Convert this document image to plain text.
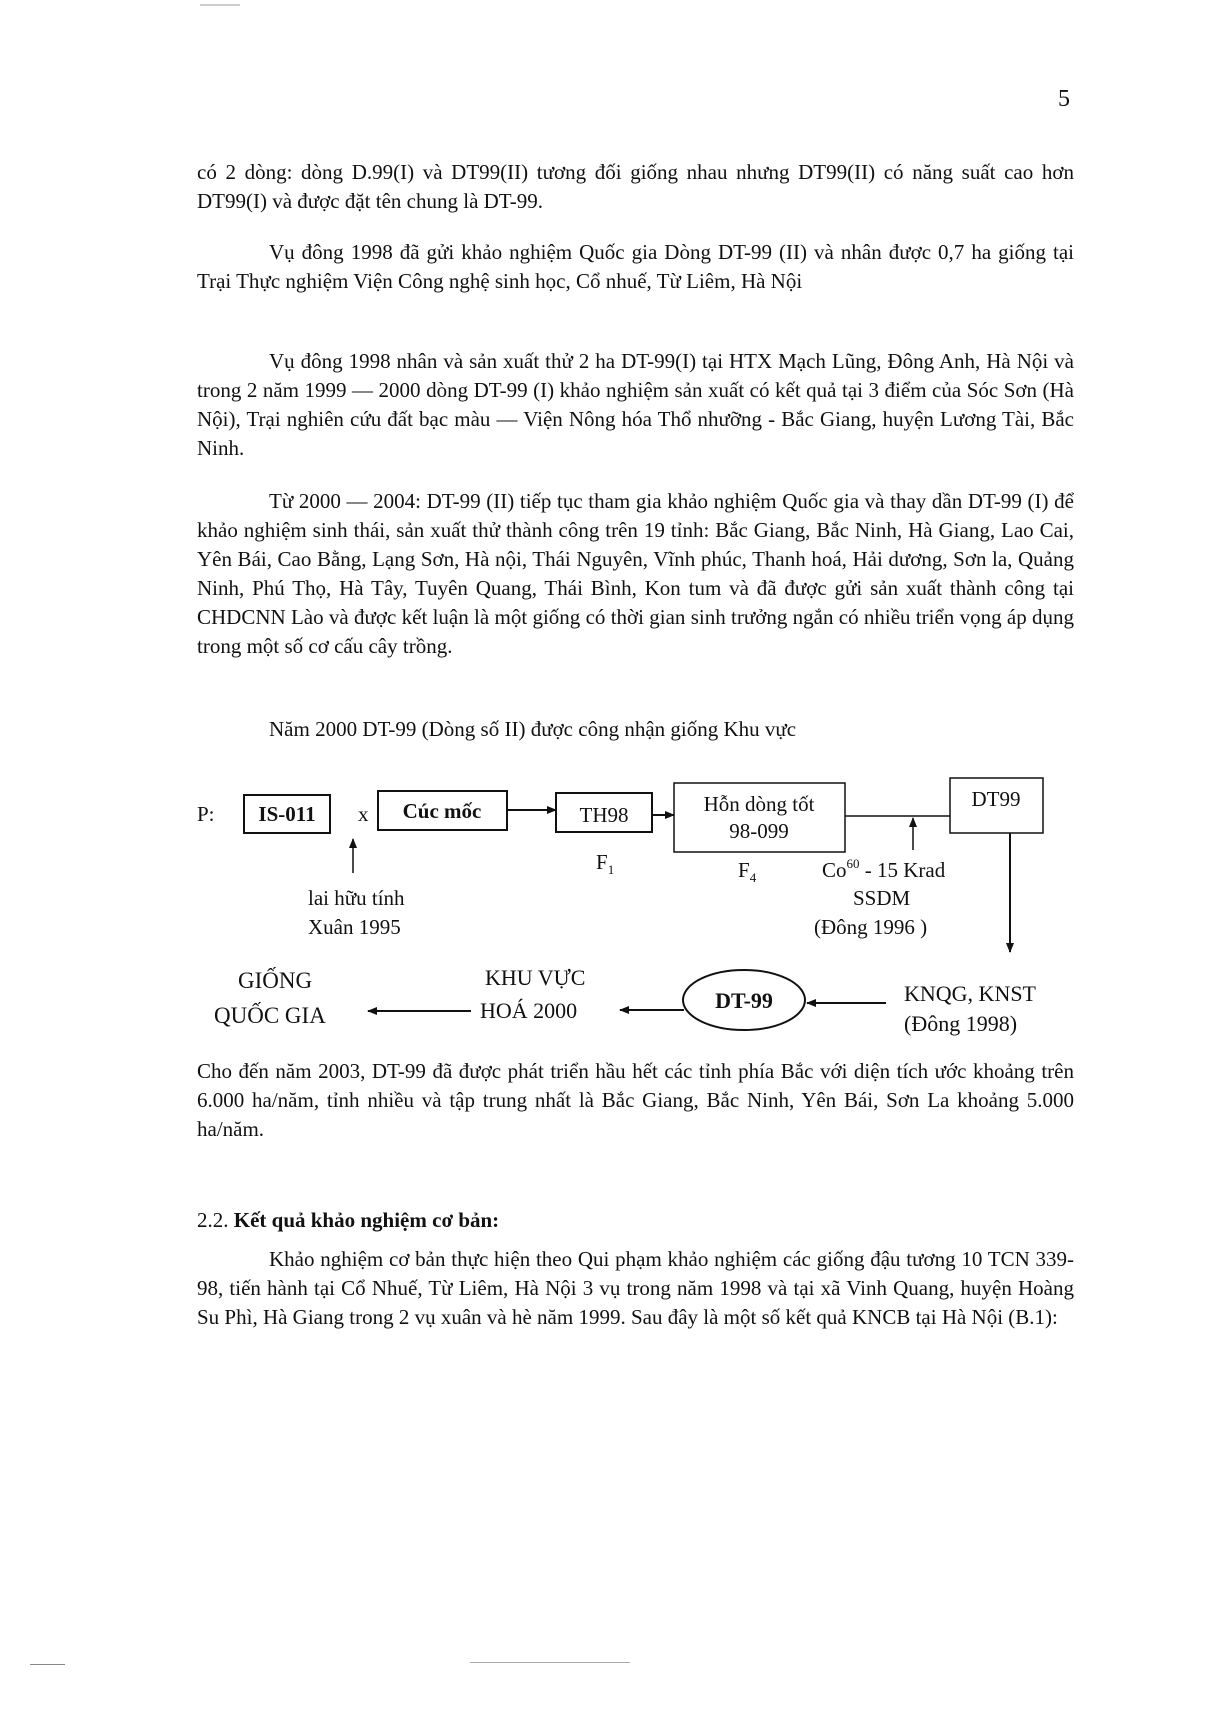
5

có 2 dòng: dòng D.99(I) và DT99(II) tương đối giống nhau nhưng DT99(II) có năng suất cao hơn DT99(I) và được đặt tên chung là DT-99.

Vụ đông 1998 đã gửi khảo nghiệm Quốc gia Dòng DT-99 (II) và nhân được 0,7 ha giống tại Trại Thực nghiệm Viện Công nghệ sinh học, Cổ nhuế, Từ Liêm, Hà Nội

Vụ đông 1998 nhân và sản xuất thử 2 ha DT-99(I) tại HTX Mạch Lũng, Đông Anh, Hà Nội và trong 2 năm 1999 — 2000 dòng DT-99 (I) khảo nghiệm sản xuất có kết quả tại 3 điểm của Sóc Sơn (Hà Nội), Trại nghiên cứu đất bạc màu — Viện Nông hóa Thổ nhưỡng - Bắc Giang, huyện Lương Tài, Bắc Ninh.

Từ 2000 — 2004: DT-99 (II) tiếp tục tham gia khảo nghiệm Quốc gia và thay dần DT-99 (I) để khảo nghiệm sinh thái, sản xuất thử thành công trên 19 tỉnh: Bắc Giang, Bắc Ninh, Hà Giang, Lao Cai, Yên Bái, Cao Bằng, Lạng Sơn, Hà nội, Thái Nguyên, Vĩnh phúc, Thanh hoá, Hải dương, Sơn la, Quảng Ninh, Phú Thọ, Hà Tây, Tuyên Quang, Thái Bình, Kon tum và đã được gửi sản xuất thành công tại CHDCNN Lào và được kết luận là một giống có thời gian sinh trưởng ngắn có nhiều triển vọng áp dụng trong một số cơ cấu cây trồng.

Năm 2000 DT-99 (Dòng số II) được công nhận giống Khu vực

P: IS-011 x Cúc mốc	TH98	Hỗn dòng tốt
98-099
DT99
$F_1$	$F_4$	Co$^{60}$ - 15 Krad
SSDM
(Đông 1996 )
lai hữu tính
Xuân 1995
GIỐNG
QUỐC GIA
KHU VỰC
HOÁ 2000	DT-99	KNQG, KNST
(Đông 1998)

Cho đến năm 2003, DT-99 đã được phát triển hầu hết các tỉnh phía Bắc với diện tích ước khoảng trên 6.000 ha/năm, tỉnh nhiều và tập trung nhất là Bắc Giang, Bắc Ninh, Yên Bái, Sơn La khoảng 5.000 ha/năm.

2.2. Kết quả khảo nghiệm cơ bản:

Khảo nghiệm cơ bản thực hiện theo Qui phạm khảo nghiệm các giống đậu tương 10 TCN 339-98, tiến hành tại Cổ Nhuế, Từ Liêm, Hà Nội 3 vụ trong năm 1998 và tại xã Vinh Quang, huyện Hoàng Su Phì, Hà Giang trong 2 vụ xuân và hè năm 1999. Sau đây là một số kết quả KNCB tại Hà Nội (B.1):
